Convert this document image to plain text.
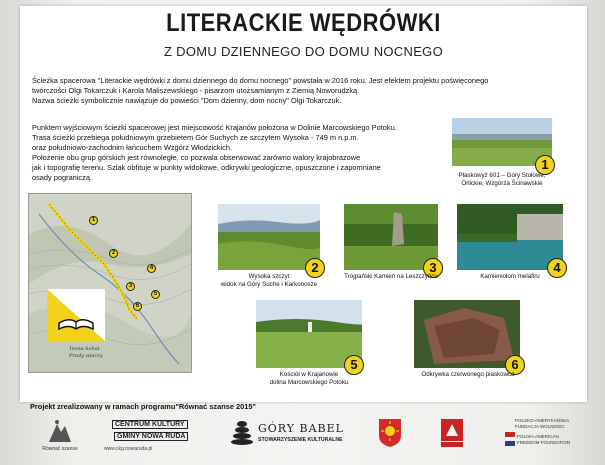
LITERACKIE WĘDRÓWKI
Z DOMU DZIENNEGO DO DOMU NOCNEGO

Ścieżka spacerowa "Literackie wędrówki z domu dziennego do domu nocnego" powstała w 2016 roku. Jest efektem projektu poświęconego

twórczości Olgi Tokarczuk i Karola Maliszewskiego - pisarzom utożsamianym z Ziemią Noworudzką.

Nazwa ścieżki symbolicznie nawiązuje do powieści "Dom dzienny, dom nocny" Olgi Tokarczuk.

Punktem wyjściowym ścieżki spacerowej jest miejscowość Krajanów położona w Dolinie Marcowskiego Potoku.

Trasa ścieżki przebiega południowym grzebietem Gór Suchych ze szczytem Wysoka - 749 m n.p.m.

oraz południowo-zachodnim łańcuchem Wzgórz Włodzickich.

Położenie obu grup górskich jest równoległe, co pozwala obserwować zarówno walory krajobrazowe

jak i topografię terenu. Szlak obfituje w punkty widokowe, odkrywki geologiczne, opuszczone i zapomniane

osady pograniczą.

1
Płaskowyż 601 – Góry Stołowe,
Orlickie, Wzgórza Ścinawskie
1
2
3
4
5
6
Tesna bohat
Prudy wiaczy
2
Wysoka szczyt
widok na Góry Suche i Karkonosze
3
Trójpański Kamień na Leszczyńcu
4
Kamieniołom melafiru
5
Kościół w Krajanowie
dolina Marcowskiego Potoku
6
Odkrywka czerwonego piaskowca
Projekt zrealizowany w ramach programu"Równać szanse 2015"
Równać szanse
CENTRUM KULTURY
GMINY NOWA RUDA
www.ckg.nowaruda.pl
GÓRY BABEL
STOWARZYSZENIE KULTURALNE
POLSKO-AMERYKAŃSKA
FUNDACJA WOLNOŚCI
POLISH-AMERICAN
FREEDOM FOUNDATION
